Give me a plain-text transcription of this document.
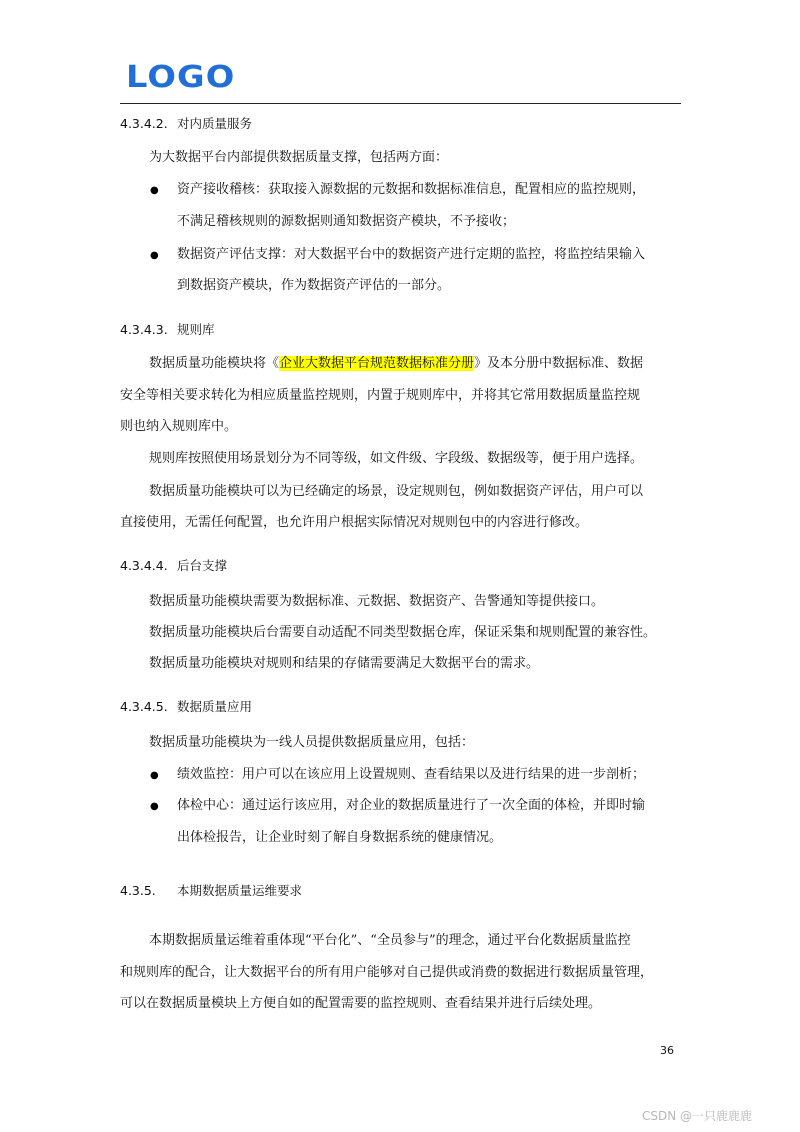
LOGO
4.3.4.2. 对内质量服务
为大数据平台内部提供数据质量支撑，包括两方面：
● 资产接收稽核：获取接入源数据的元数据和数据标准信息，配置相应的监控规则，
不满足稽核规则的源数据则通知数据资产模块，不予接收；
● 数据资产评估支撑：对大数据平台中的数据资产进行定期的监控，将监控结果输入
到数据资产模块，作为数据资产评估的一部分。
4.3.4.3. 规则库
数据质量功能模块将《企业大数据平台规范数据标准分册》及本分册中数据标准、数据
安全等相关要求转化为相应质量监控规则，内置于规则库中，并将其它常用数据质量监控规
则也纳入规则库中。
规则库按照使用场景划分为不同等级，如文件级、字段级、数据级等，便于用户选择。
数据质量功能模块可以为已经确定的场景，设定规则包，例如数据资产评估，用户可以
直接使用，无需任何配置，也允许用户根据实际情况对规则包中的内容进行修改。
4.3.4.4. 后台支撑
数据质量功能模块需要为数据标准、元数据、数据资产、告警通知等提供接口。
数据质量功能模块后台需要自动适配不同类型数据仓库，保证采集和规则配置的兼容性。
数据质量功能模块对规则和结果的存储需要满足大数据平台的需求。
4.3.4.5. 数据质量应用
数据质量功能模块为一线人员提供数据质量应用，包括：
● 绩效监控：用户可以在该应用上设置规则、查看结果以及进行结果的进一步剖析；
● 体检中心：通过运行该应用，对企业的数据质量进行了一次全面的体检，并即时输
出体检报告，让企业时刻了解自身数据系统的健康情况。
4.3.5. 本期数据质量运维要求
本期数据质量运维着重体现“平台化”、“全员参与”的理念，通过平台化数据质量监控
和规则库的配合，让大数据平台的所有用户能够对自己提供或消费的数据进行数据质量管理，
可以在数据质量模块上方便自如的配置需要的监控规则、查看结果并进行后续处理。
36
CSDN @一只鹿鹿鹿
